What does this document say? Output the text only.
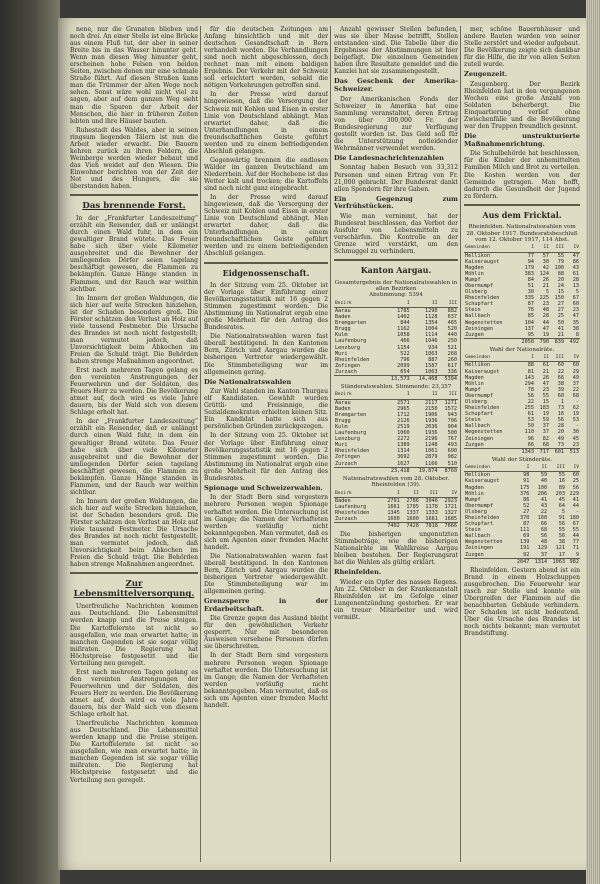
nene, nur die Granaten blieben und noch drei. An einer Stelle ist eine Brücke aus einem Fluß tut, der aber in seiner Breite bis in das Wasser hinunter geht. Wenn man diesen Weg hinunter geht, erscheinen hohe Felsen von beiden Seiten, zwischen denen nur eine schmale Straße führt. Auf diesen Straßen kann man die Trümmer der alten Wege noch sehen. Sonst wäre wohl nicht viel zu sagen, aber auf dem ganzen Weg sieht man die Spuren der Arbeit der Menschen, die hier in früheren Zeiten lebten und ihre Häuser bauten.

Ruhestadt des Waldes, aber in seinen ringsum liegenden Tälern ist nun die Arbeit wieder erwacht. Die Bauern kehren zurück zu ihren Feldern, die Weinberge werden wieder bebaut und das Vieh weidet auf den Wiesen. Die Einwohner berichten von der Zeit der Not und des Hungers, die sie überstanden haben.

Das brennende Forst.

In der „Frankfurter Landeszeitung“ erzählt ein Reisender, daß er unlängst durch einen Wald fuhr, in dem ein gewaltiger Brand wütete. Das Feuer habe sich über viele Kilometer ausgebreitet und die Bewohner der umliegenden Dörfer seien tagelang beschäftigt gewesen, die Flammen zu bekämpfen. Ganze Hänge standen in Flammen, und der Rauch war weithin sichtbar.

Im Innern der großen Waldungen, die sich hier auf weite Strecken hinziehen, ist der Schaden besonders groß. Die Förster schätzen den Verlust an Holz auf viele tausend Festmeter. Die Ursache des Brandes ist noch nicht festgestellt; man vermutet jedoch, daß Unvorsichtigkeit beim Abkochen im Freien die Schuld trägt. Die Behörden haben strenge Maßnahmen angeordnet.

Erst nach mehreren Tagen gelang es den vereinten Anstrengungen der Feuerwehren und der Soldaten, des Feuers Herr zu werden. Die Bevölkerung atmet auf, doch wird es viele Jahre dauern, bis der Wald sich von diesem Schlage erholt hat.

In der „Frankfurter Landeszeitung“ erzählt ein Reisender, daß er unlängst durch einen Wald fuhr, in dem ein gewaltiger Brand wütete. Das Feuer habe sich über viele Kilometer ausgebreitet und die Bewohner der umliegenden Dörfer seien tagelang beschäftigt gewesen, die Flammen zu bekämpfen. Ganze Hänge standen in Flammen, und der Rauch war weithin sichtbar.

Im Innern der großen Waldungen, die sich hier auf weite Strecken hinziehen, ist der Schaden besonders groß. Die Förster schätzen den Verlust an Holz auf viele tausend Festmeter. Die Ursache des Brandes ist noch nicht festgestellt; man vermutet jedoch, daß Unvorsichtigkeit beim Abkochen im Freien die Schuld trägt. Die Behörden haben strenge Maßnahmen angeordnet.

Zur Lebensmittelversorgung.

Unerfreuliche Nachrichten kommen aus Deutschland. Die Lebensmittel werden knapp und die Preise steigen. Die Kartoffelernte ist nicht so ausgefallen, wie man erwartet hatte; in manchen Gegenden ist sie sogar völlig mißraten. Die Regierung hat Höchstpreise festgesetzt und die Verteilung neu geregelt.

Erst nach mehreren Tagen gelang es den vereinten Anstrengungen der Feuerwehren und der Soldaten, des Feuers Herr zu werden. Die Bevölkerung atmet auf, doch wird es viele Jahre dauern, bis der Wald sich von diesem Schlage erholt hat.

Unerfreuliche Nachrichten kommen aus Deutschland. Die Lebensmittel werden knapp und die Preise steigen. Die Kartoffelernte ist nicht so ausgefallen, wie man erwartet hatte; in manchen Gegenden ist sie sogar völlig mißraten. Die Regierung hat Höchstpreise festgesetzt und die Verteilung neu geregelt.

für die deutschen Zeitungen am Anfang hinsichtlich und mit der deutschen Gesandtschaft in Bern verhandelt worden. Die Verhandlungen sind noch nicht abgeschlossen, doch rechnet man mit einem baldigen Ergebnis. Der Verkehr mit der Schweiz soll erleichtert werden, sobald die nötigen Vorkehrungen getroffen sind.

In der Presse wird darauf hingewiesen, daß die Versorgung der Schweiz mit Kohlen und Eisen in erster Linie von Deutschland abhängt. Man erwartet daher, daß die Unterhandlungen in einem freundschaftlichen Geiste geführt werden und zu einem befriedigenden Abschluß gelangen.

Gegenwärtig brennen die endlosen Wälder im ganzen Deutschland am Niederrhein. Auf der Hochebene ist das Wetter kalt und trocken; die Kartoffeln sind noch nicht ganz eingebracht.

In der Presse wird darauf hingewiesen, daß die Versorgung der Schweiz mit Kohlen und Eisen in erster Linie von Deutschland abhängt. Man erwartet daher, daß die Unterhandlungen in einem freundschaftlichen Geiste geführt werden und zu einem befriedigenden Abschluß gelangen.

Eidgenossenschaft.

In der Sitzung vom 25. Oktober ist der Vorlage über Einführung einer Bevölkerungsstatistik mit 16 gegen 2 Stimmen zugestimmt worden. Die Abstimmung im Nationalrat ergab eine große Mehrheit für den Antrag des Bundesrates.

Die Nationalratswahlen waren fast überall bestätigend. In den Kantonen Bern, Zürich und Aargau wurden die bisherigen Vertreter wiedergewählt. Die Stimmbeteiligung war im allgemeinen gering.

Die Nationalratswahlen

Zur Wahl standen im Kanton Thurgau elf Kandidaten. Gewählt wurden Grüttli- und Freisinnige, die Sozialdemokraten erhielten keinen Sitz. Ein Kandidat hatte sich aus persönlichen Gründen zurückgezogen.

In der Sitzung vom 25. Oktober ist der Vorlage über Einführung einer Bevölkerungsstatistik mit 16 gegen 2 Stimmen zugestimmt worden. Die Abstimmung im Nationalrat ergab eine große Mehrheit für den Antrag des Bundesrates.

Spionage und Schweizerwahlen.

In der Stadt Bern sind vorgestern mehrere Personen wegen Spionage verhaftet worden. Die Untersuchung ist im Gange; die Namen der Verhafteten werden vorläufig nicht bekanntgegeben. Man vermutet, daß es sich um Agenten einer fremden Macht handelt.

Die Nationalratswahlen waren fast überall bestätigend. In den Kantonen Bern, Zürich und Aargau wurden die bisherigen Vertreter wiedergewählt. Die Stimmbeteiligung war im allgemeinen gering.

Grenzsperre in der Erdarbeitschaft.

Die Grenze gegen das Ausland bleibt für den gewöhnlichen Verkehr gesperrt. Nur mit besonderen Ausweisen versehene Personen dürfen sie überschreiten.

In der Stadt Bern sind vorgestern mehrere Personen wegen Spionage verhaftet worden. Die Untersuchung ist im Gange; die Namen der Verhafteten werden vorläufig nicht bekanntgegeben. Man vermutet, daß es sich um Agenten einer fremden Macht handelt.

Anzahl gewisser Stellen befunden, was sie über Masse betrifft, Stellen entstanden sind. Die Tabelle über die Ergebnisse der Abstimmungen ist hier beigefügt. Die einzelnen Gemeinden haben ihre Resultate gemeldet und die Kanzlei hat sie zusammengestellt.

Das Geschenk der Amerika-Schweizer.

Der Amerikanischen Fonds der Schweizer in Amerika hat eine Sammlung veranstaltet, deren Ertrag von über 300,000 Fr. der Bundesregierung zur Verfügung gestellt worden ist. Das Geld soll für die Unterstützung notleidender Wehrmänner verwendet werden.

Die Landesnachrichtenzahlen

Sonntag haben Besuch von 33,312 Personen und einen Ertrag von Fr. 21,000 gebracht. Der Bundesrat dankt allen Spendern für ihre Gaben.

Ein Gegenzug zum Verfrühstücken.

Wie man vernimmt, hat der Bundesrat beschlossen, das Verbot der Ausfuhr von Lebensmitteln zu verschärfen. Die Kontrolle an der Grenze wird verstärkt, um den Schmuggel zu verhindern.

Kanton Aargau.
Gesamtergebnis der Nationalratswahlen in allen Bezirken
Abstimmung: 5394
Bezirk	I	II	III
Aarau	1785	1290	882
Baden	1402	1128	637
Bremgarten	844	1354	465
Brugg	1162	1004	520
Kulm	1058	1114	440
Laufenburg	466	1046	250
Lenzburg	1154	934	521
Muri	522	1063	268
Rheinfelden	796	887	260
Zofingen	2099	1587	617
Zurzach	654	1063	336
	13,573	14,468	5394
Ständeratswahlen. Stimmende: 23,357
Bezirk	I	II	III
Aarau	2571	2117	1271
Baden	2965	2150	1572
Bremgarten	1712	1906	943
Brugg	2126	1936	706
Kulm	2519	2036	904
Laufenburg	1060	1936	500
Lenzburg	2272	2196	767
Muri	1389	1248	493
Rheinfelden	1314	1061	690
Zofingen	3692	2879	982
Zurzach	1627	1166	510
	23,418	19,874	8760
Nationalratswahlen vom 28. Oktober. Rheinfelden (39).
Bezirk	I	II	III	IV
Baden	2791	2786	3046	2923
Laufenburg	1661	1705	1178	1721
Rheinfelden	1345	1337	1333	1327
Zurzach	1600	1600	1661	1685
	7402	7428	7818	7666

Die bisherigen ungenutzten Stimmbeträge, wie die bisherigen Nationalräte im Wahlkreise Aargau bleiben bestehen. Der Regierungsrat hat die Wahlen als gültig erklärt.

Rheinfelden.

Wieder ein Opfer des nassen Regens. Am 22. Oktober in der Krankenanstalt Rheinfelden ist im Gefolge einer Lungenentzündung gestorben. Er war ein treuer Mitarbeiter und wird vermißt.

mer, schöne Bauernhäuser und andere Bauten wurden von seiner Stelle zerstört und wieder aufgebaut. Die Bevölkerung zeigte sich dankbar für die Hilfe, die ihr von allen Seiten zuteil wurde.

Zeugenzeit.

Zeugenberg. Der Bezirk Rheinfelden hat in den vergangenen Wochen eine große Anzahl von Soldaten beherbergt. Die Einquartierung verlief ohne Zwischenfälle und die Bevölkerung war den Truppen freundlich gesinnt.

Die unstrukturierte Maßnahmenrichtung.

Die Schulbehörde hat beschlossen, für die Kinder der unbemittelten Familien Milch und Brot zu verteilen. Die Kosten werden von der Gemeinde getragen. Man hofft, dadurch die Gesundheit der Jugend zu fördern.

Aus dem Fricktal.
Rheinfelden. Nationalratswahlen vom 28. Oktober 1917. Bundesratsbeschluß vom 12. Oktober 1917, 114 Abst.
Gemeinden	I	II	III	IV
Hellikon	77	57	55	47
Kaiseraugst	94	30	79	86
Magden	179	42	100	43
Möhlin	383	124	88	61
Mumpf	84	26	20	28
Obermumpf	51	21	24	13
Olsberg	30	5	15	5
Rheinfelden	335	225	150	67
Schupfart	87	23	27	60
Stein	76	48	27	23
Wallbach	85	28	25	47
Wegenstetten	104	44	50	35
Zeiningen	137	47	41	38
Zuzgen	95	19	21	8
	2050	790	839	492
Wahl der Nationalräte.
Gemeinden	I	II	III	IV
Hellikon	88	61	60	60
Kaiseraugst	81	21	22	29
Magden	143	26	66	49
Möhlin	294	47	38	37
Mumpf	78	23	39	22
Obermumpf	56	55	60	68
Olsberg	22	15	1	-
Rheinfelden	255	183	73	62
Schupfart	61	19	16	19
Stein	53	59	56	53
Wallbach	50	37	28	-
Wegenstetten	110	37	20	30
Zeiningen	96	82	49	45
Zuzgen	66	68	73	23
	1343	717	601	513
Wahl der Ständeräte.
Gemeinden	I	II	III	IV
Hellikon	98	59	55	60
Kaiseraugst	91	40	16	25
Magden	175	100	89	56
Möhlin	376	206	203	229
Mumpf	86	41	45	41
Obermumpf	52	43	64	44
Olsberg	27	22	5	-
Rheinfelden	370	160	91	180
Schupfart	87	66	56	67
Stein	111	68	55	55
Wallbach	69	56	56	44
Wegenstetten	139	48	38	77
Zeiningen	191	129	121	71
Zuzgen	92	37	17	9
	2047	1314	1063	982

Rheinfelden. Gestern abend ist ein Brand in einem Holzschuppen ausgebrochen. Die Feuerwehr war rasch zur Stelle und konnte ein Übergreifen der Flammen auf die benachbarten Gebäude verhindern. Der Schaden ist nicht bedeutend. Über die Ursache des Brandes ist noch nichts bekannt; man vermutet Brandstiftung.
